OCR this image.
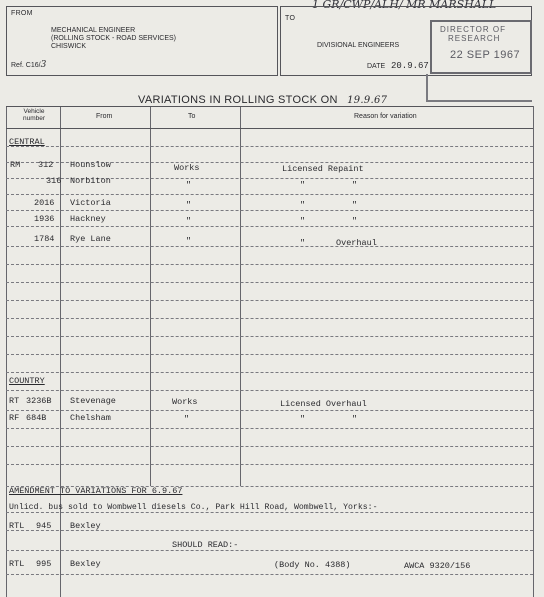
1 GR/CWP/ALH/ MR MARSHALL
FROM
MECHANICAL ENGINEER
(ROLLING STOCK - ROAD SERVICES)
CHISWICK
Ref. C16/3
TO
DIVISIONAL ENGINEERS
DATE 20.9.67
DIRECTOR OF
RESEARCH
22 SEP 1967
VARIATIONS IN ROLLING STOCK ON 19.9.67
Vehicle number	From	To	Reason for variation
CENTRAL
RM 312 Hounslow	Works	Licensed Repaint
316 Norbiton	"	"	"
2016 Victoria	"	"	"
1936 Hackney	"	"	"
1784 Rye Lane	"	"	Overhaul
COUNTRY
RT 3236B Stevenage	Works	Licensed Overhaul
RF 684B	Chelsham	"	"	"
AMENDMENT TO VARIATIONS FOR 6.9.67
Unlicd. bus sold to Wombwell diesels Co., Park Hill Road, Wombwell, Yorks:-
RTL 945 Bexley
SHOULD READ:-
RTL 995 Bexley	(Body No. 4388)	AWCA 9320/156
